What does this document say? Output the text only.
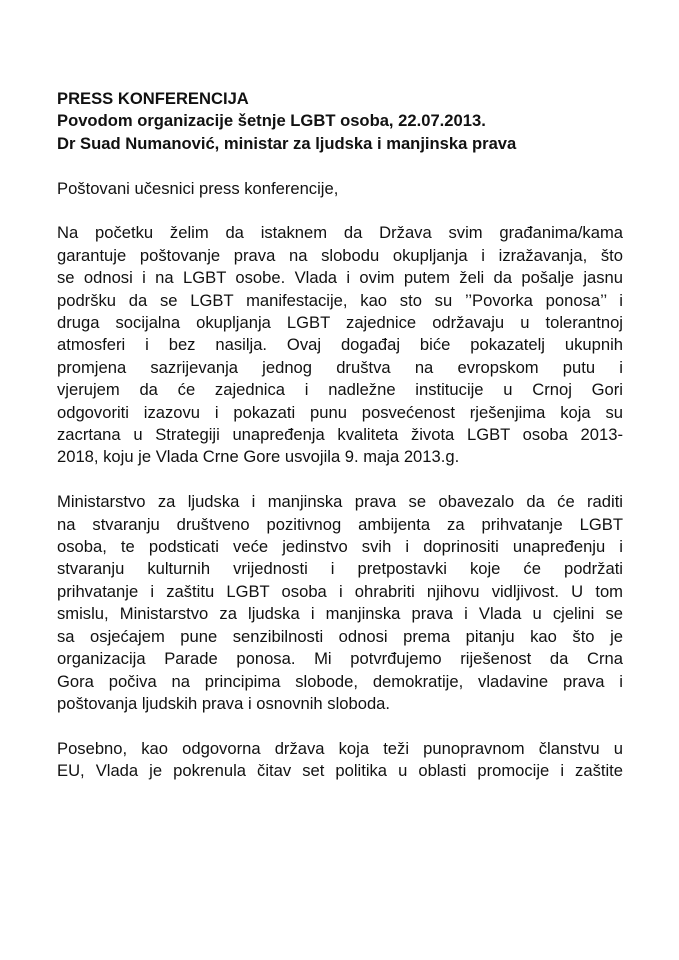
PRESS KONFERENCIJA
Povodom organizacije šetnje LGBT osoba, 22.07.2013.
Dr Suad Numanović, ministar za ljudska i manjinska prava
Poštovani učesnici press konferencije,
Na početku želim da istaknem da Država svim građanima/kama
garantuje poštovanje prava na slobodu okupljanja i izražavanja, što
se odnosi i na LGBT osobe. Vlada i ovim putem želi da pošalje jasnu
podršku da se LGBT manifestacije, kao sto su ’’Povorka ponosa’’ i
druga socijalna okupljanja LGBT zajednice održavaju u tolerantnoj
atmosferi i bez nasilja. Ovaj događaj biće pokazatelj ukupnih
promjena sazrijevanja jednog društva na evropskom putu i
vjerujem da će zajednica i nadležne institucije u Crnoj Gori
odgovoriti izazovu i pokazati punu posvećenost rješenjima koja su
zacrtana u Strategiji unapređenja kvaliteta života LGBT osoba 2013-
2018, koju je Vlada Crne Gore usvojila 9. maja 2013.g.
Ministarstvo za ljudska i manjinska prava se obavezalo da će raditi
na stvaranju društveno pozitivnog ambijenta za prihvatanje LGBT
osoba, te podsticati veće jedinstvo svih i doprinositi unapređenju i
stvaranju kulturnih vrijednosti i pretpostavki koje će podržati
prihvatanje i zaštitu LGBT osoba i ohrabriti njihovu vidljivost. U tom
smislu, Ministarstvo za ljudska i manjinska prava i Vlada u cjelini se
sa osjećajem pune senzibilnosti odnosi prema pitanju kao što je
organizacija Parade ponosa. Mi potvrđujemo riješenost da Crna
Gora počiva na principima slobode, demokratije, vladavine prava i
poštovanja ljudskih prava i osnovnih sloboda.
Posebno, kao odgovorna država koja teži punopravnom članstvu u
EU, Vlada je pokrenula čitav set politika u oblasti promocije i zaštite
